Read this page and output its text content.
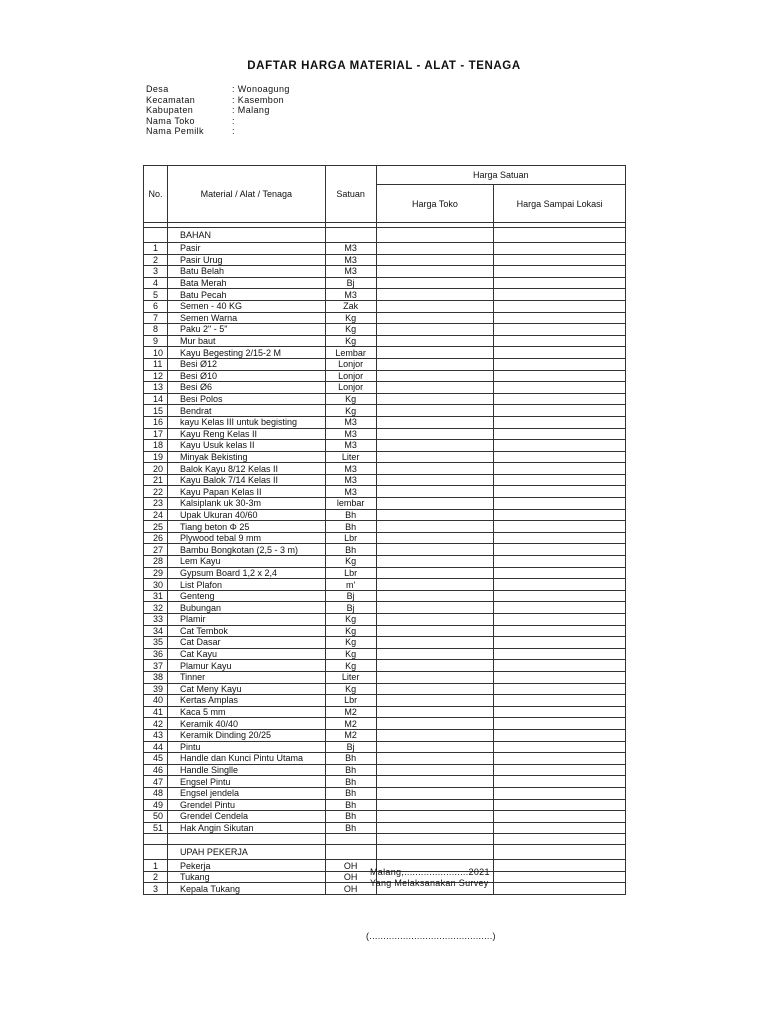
DAFTAR HARGA MATERIAL - ALAT - TENAGA
Desa	: Wonoagung
Kecamatan	: Kasembon
Kabupaten	: Malang
Nama Toko	:
Nama Pemilk	:
No.	Material / Alat / Tenaga	Satuan	Harga Satuan	
			Harga Toko	Harga Sampai Lokasi

	BAHAN			
1	Pasir	M3		
2	Pasir Urug	M3		
3	Batu Belah	M3		
4	Bata Merah	Bj		
5	Batu Pecah	M3		
6	Semen - 40 KG	Zak		
7	Semen Warna	Kg		
8	Paku 2" - 5"	Kg		
9	Mur baut	Kg		
10	Kayu Begesting 2/15-2 M	Lembar		
11	Besi Ø12	Lonjor		
12	Besi Ø10	Lonjor		
13	Besi Ø6	Lonjor		
14	Besi Polos	Kg		
15	Bendrat	Kg		
16	kayu Kelas III untuk begisting	M3		
17	Kayu Reng Kelas II	M3		
18	Kayu Usuk kelas II	M3		
19	Minyak Bekisting	Liter		
20	Balok Kayu 8/12 Kelas II	M3		
21	Kayu Balok 7/14 Kelas II	M3		
22	Kayu Papan Kelas II	M3		
23	Kalsiplank uk 30-3m	lembar		
24	Upak Ukuran 40/60	Bh		
25	Tiang beton Φ 25	Bh		
26	Plywood tebal 9 mm	Lbr		
27	Bambu Bongkotan (2,5 - 3 m)	Bh		
28	Lem Kayu	Kg		
29	Gypsum Board 1,2 x 2,4	Lbr		
30	List Plafon	m'		
31	Genteng	Bj		
32	Bubungan	Bj		
33	Plamir	Kg		
34	Cat Tembok	Kg		
35	Cat Dasar	Kg		
36	Cat Kayu	Kg		
37	Plamur Kayu	Kg		
38	Tinner	Liter		
39	Cat Meny Kayu	Kg		
40	Kertas Amplas	Lbr		
41	Kaca 5 mm	M2		
42	Keramik 40/40	M2		
43	Keramik Dinding 20/25	M2		
44	Pintu	Bj		
45	Handle dan Kunci Pintu Utama	Bh		
46	Handle Singlle	Bh		
47	Engsel Pintu	Bh		
48	Engsel jendela	Bh		
49	Grendel Pintu	Bh		
50	Grendel Cendela	Bh		
51	Hak Angin Sikutan	Bh		

	UPAH PEKERJA			
1	Pekerja	OH		
2	Tukang	OH		
3	Kepala Tukang	OH		
Malang,.......................2021
Yang Melaksanakan Survey
(............................................)
